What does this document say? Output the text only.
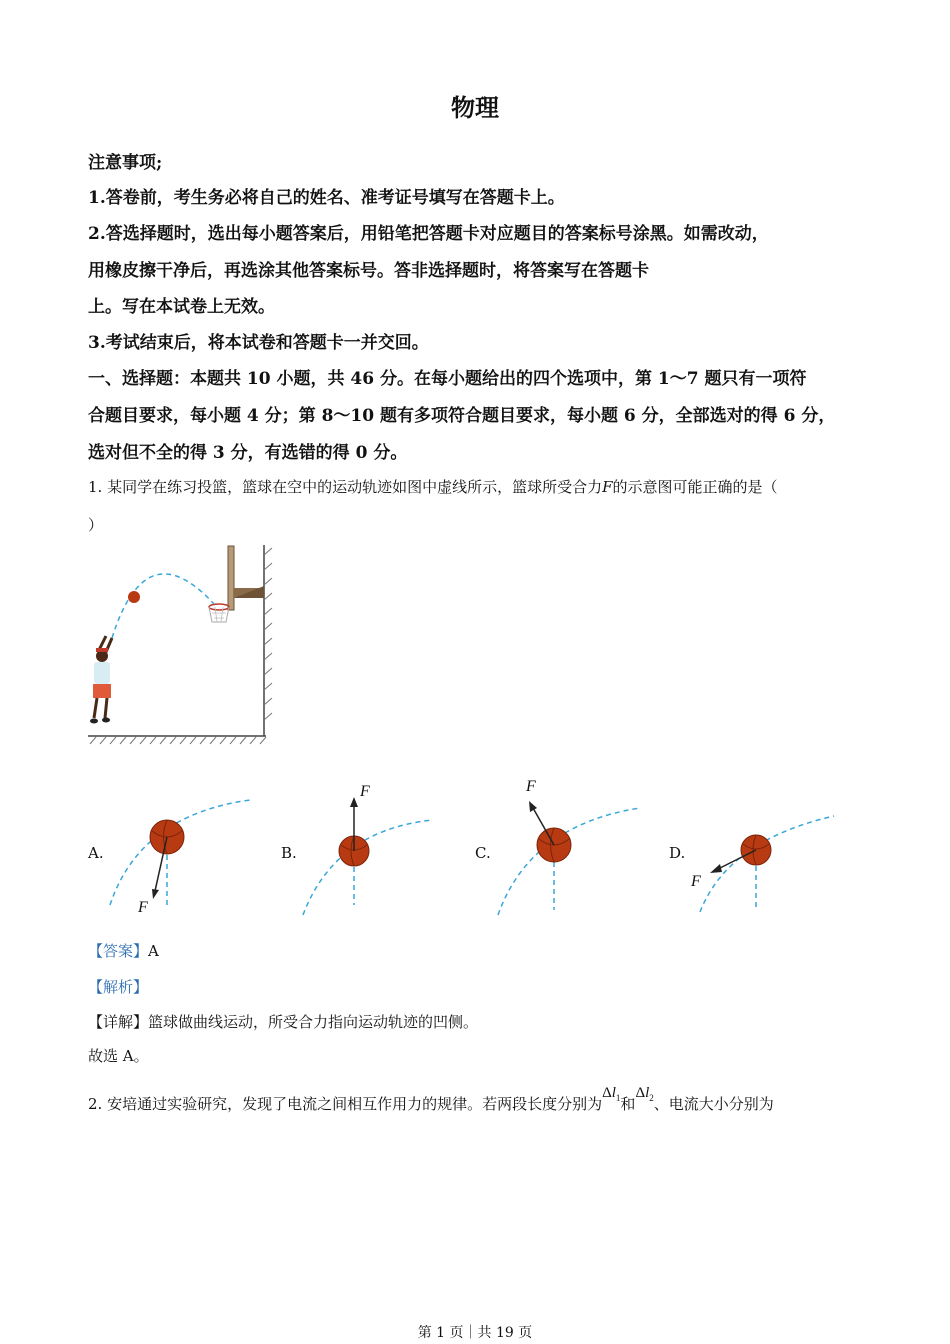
物理
注意事项;
1.答卷前，考生务必将自己的姓名、准考证号填写在答题卡上。
2.答选择题时，选出每小题答案后，用铅笔把答题卡对应题目的答案标号涂黑。如需改动，
用橡皮擦干净后，再选涂其他答案标号。答非选择题时，将答案写在答题卡
上。写在本试卷上无效。
3.考试结束后，将本试卷和答题卡一并交回。
一、选择题：本题共 10 小题，共 46 分。在每小题给出的四个选项中，第 1～7 题只有一项符
合题目要求，每小题 4 分；第 8～10 题有多项符合题目要求，每小题 6 分，全部选对的得 6 分，
选对但不全的得 3 分，有选错的得 0 分。
1. 某同学在练习投篮，篮球在空中的运动轨迹如图中虚线所示，篮球所受合力F的示意图可能正确的是（
）
A.	B.	C.	D.
F
F	F
F
【答案】A
【解析】
【详解】篮球做曲线运动，所受合力指向运动轨迹的凹侧。
故选 A。
2. 安培通过实验研究，发现了电流之间相互作用力的规律。若两段长度分别为$\Delta l_1$和$\Delta l_2$、电流大小分别为
第 1 页｜共 19 页
